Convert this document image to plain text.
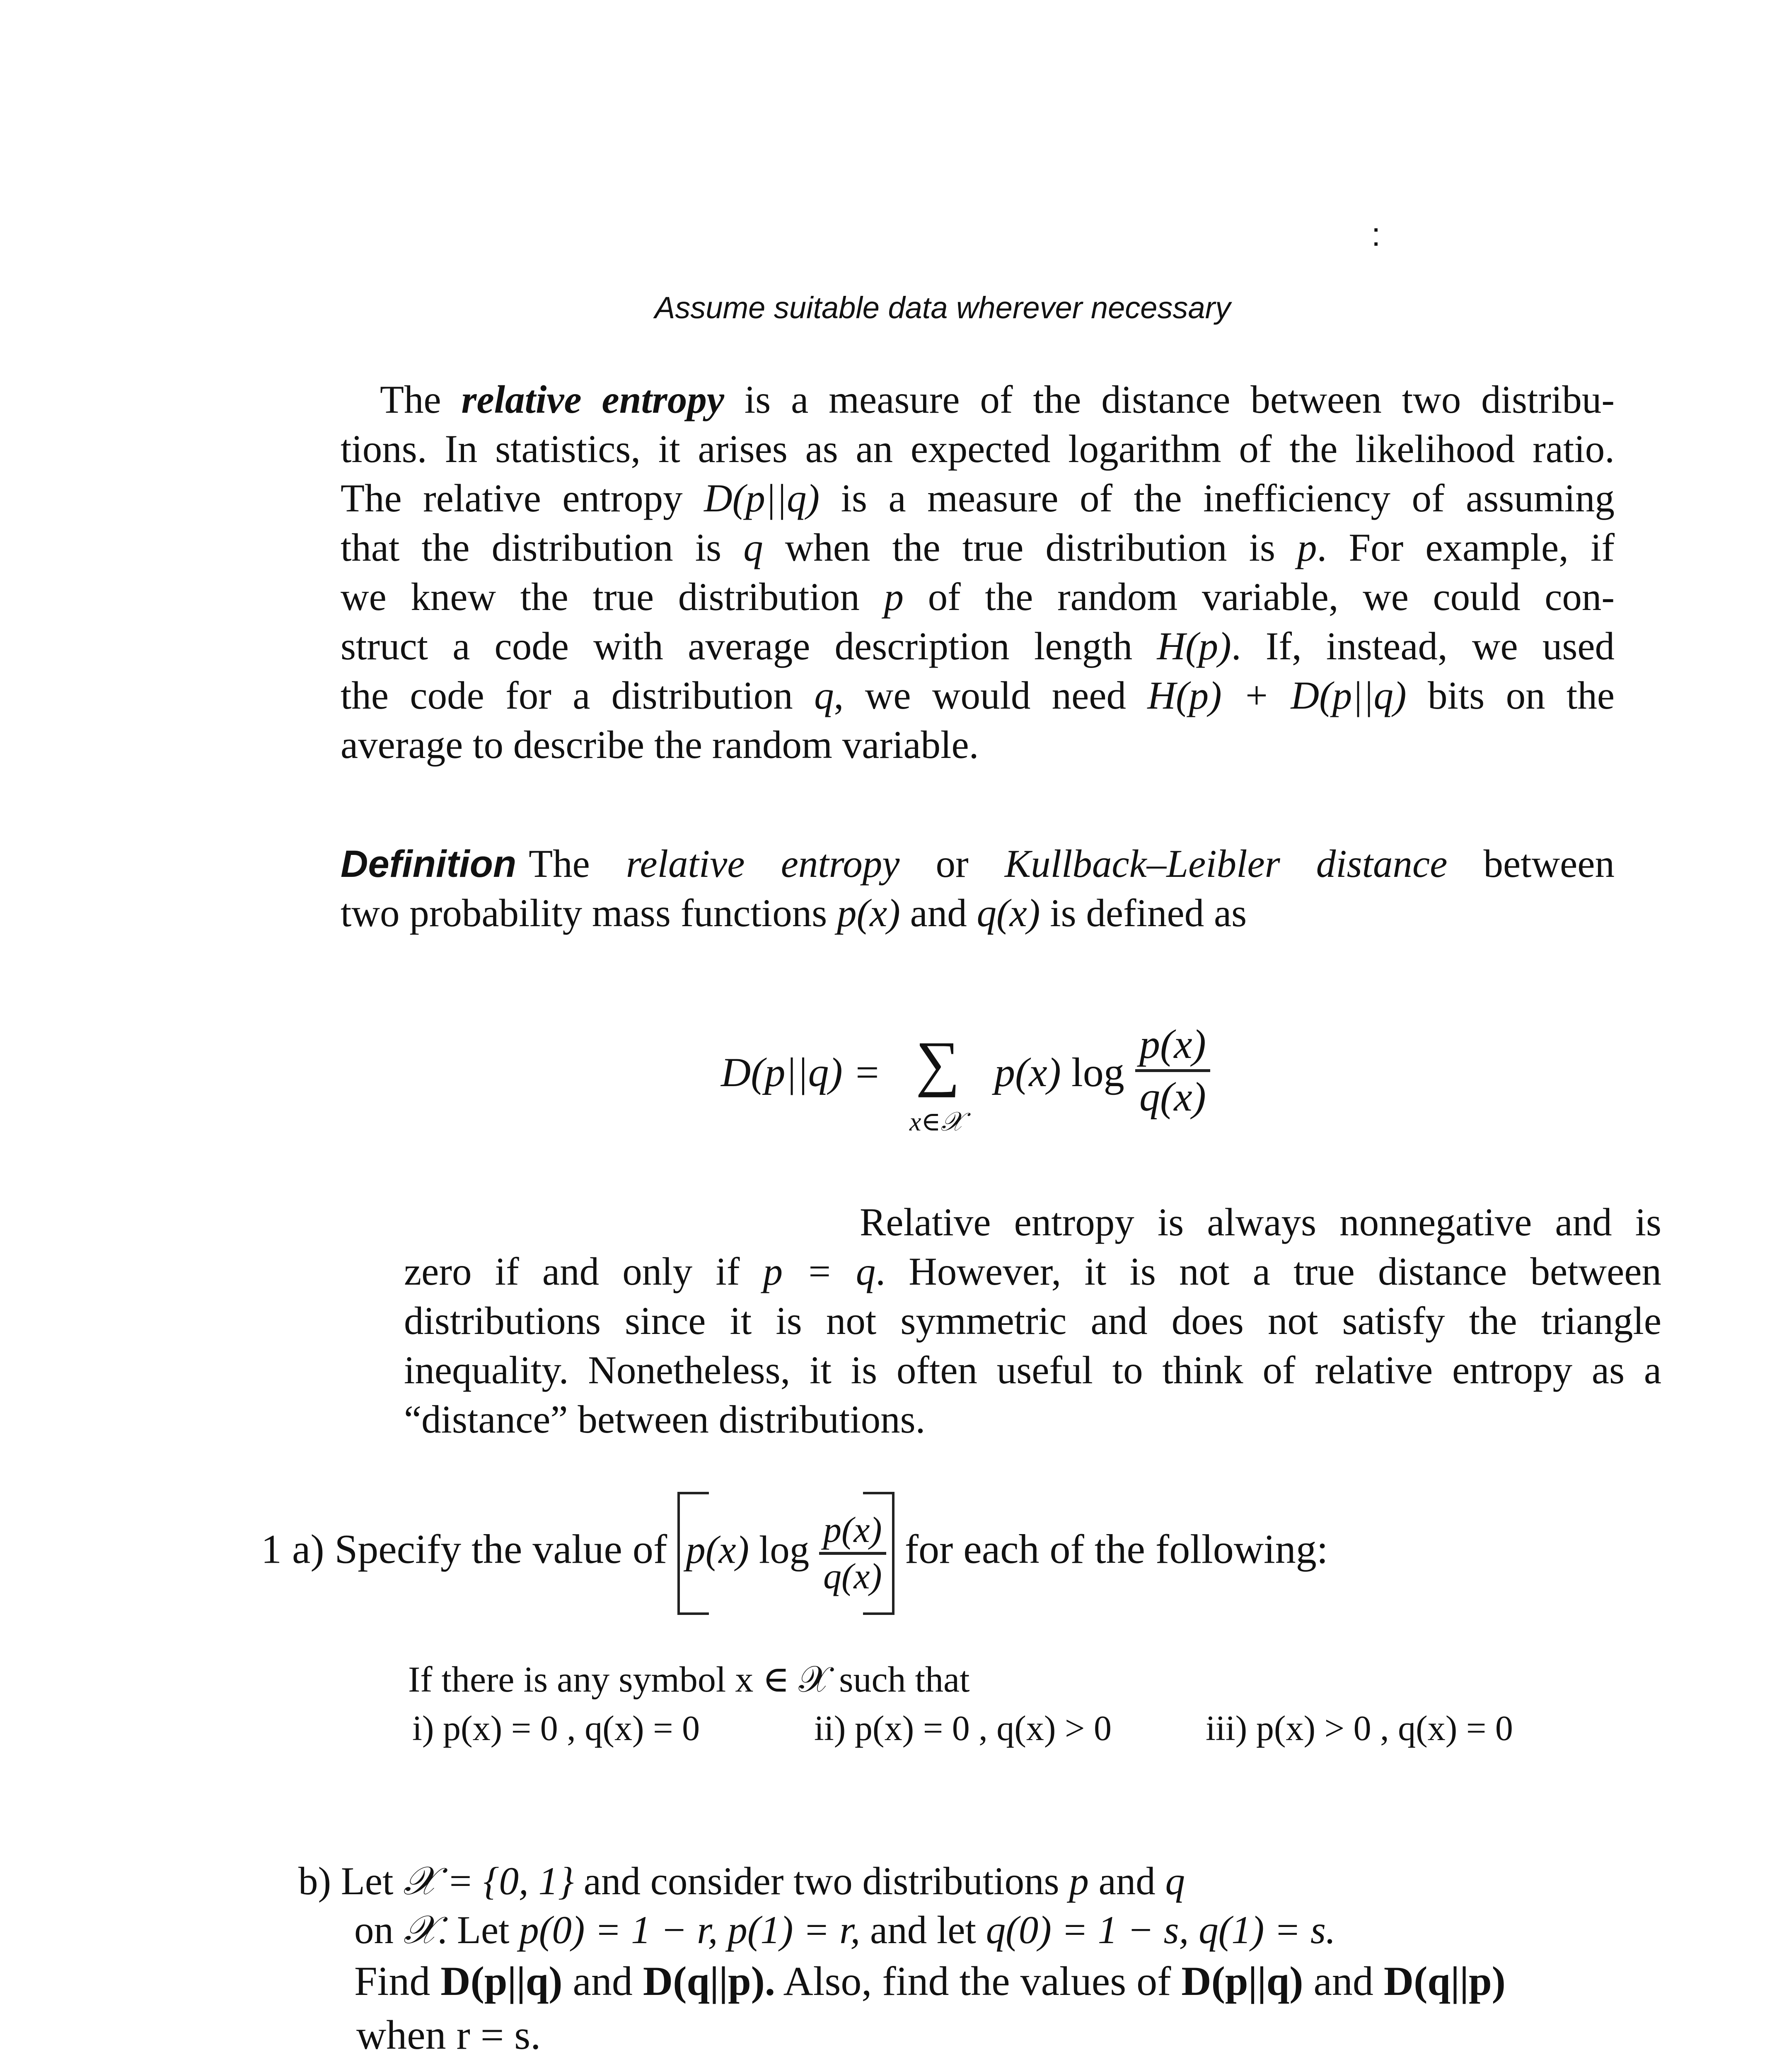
:
Assume suitable data wherever necessary
The relative entropy is a measure of the distance between two distribu-
tions. In statistics, it arises as an expected logarithm of the likelihood ratio.
The relative entropy D(p||q) is a measure of the inefficiency of assuming
that the distribution is q when the true distribution is p. For example, if
we knew the true distribution p of the random variable, we could con-
struct a code with average description length H(p). If, instead, we used
the code for a distribution q, we would need H(p) + D(p||q) bits on the
average to describe the random variable.
Definition The relative entropy or Kullback–Leibler distance between
two probability mass functions p(x) and q(x) is defined as
D(p||q) = ∑
x∈𝒳
p(x) $\log \frac{p(x)}{q(x)}$
Relative entropy is always nonnegative and is
zero if and only if p = q. However, it is not a true distance between
distributions since it is not symmetric and does not satisfy the triangle
inequality. Nonetheless, it is often useful to think of relative entropy as a
“distance” between distributions.
1 a) Specify the value of p(x) $\log \frac{p(x)}{q(x)}$ for each of the following:
If there is any symbol x ∈ 𝒳 such that
i) p(x) = 0 , q(x) = 0	ii) p(x) = 0 , q(x) > 0	iii) p(x) > 0 , q(x) = 0
b) Let 𝒳 = {0, 1} and consider two distributions p and q
on 𝒳. Let p(0) = 1 − r, p(1) = r, and let q(0) = 1 − s, q(1) = s.
Find D(p||q) and D(q||p). Also, find the values of D(p||q) and D(q||p)
when r = s.
